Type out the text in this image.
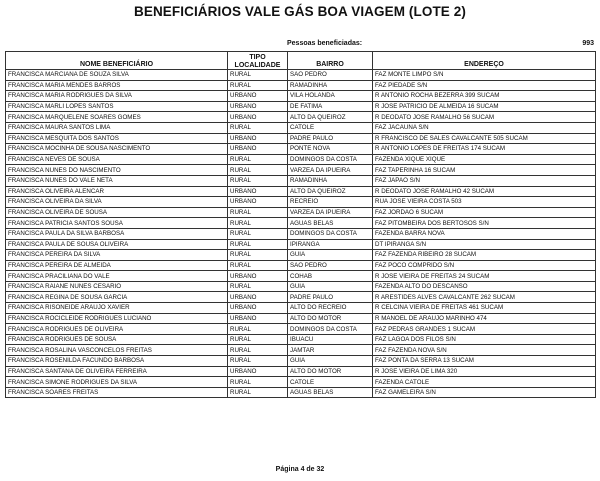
BENEFICIÁRIOS VALE GÁS BOA VIAGEM (LOTE 2)
Pessoas beneficiadas:	993
NOME BENEFICIÁRIO	TIPO LOCALIDADE	BAIRRO	ENDEREÇO
FRANCISCA MARCIANA DE SOUZA SILVA	RURAL	SAO PEDRO	FAZ MONTE LIMPO S/N
FRANCISCA MARIA MENDES BARROS	RURAL	RAMADINHA	FAZ PIEDADE S/N
FRANCISCA MARIA RODRIGUES DA SILVA	URBANO	VILA HOLANDA	R ANTONIO ROCHA BEZERRA 399 SUCAM
FRANCISCA MARLI LOPES SANTOS	URBANO	DE FATIMA	R JOSE PATRICIO DE ALMEIDA 16 SUCAM
FRANCISCA MARQUELENE SOARES GOMES	URBANO	ALTO DA QUEIROZ	R DEODATO JOSE RAMALHO 56 SUCAM
FRANCISCA MAURA SANTOS LIMA	RURAL	CATOLE	FAZ JACAUNA S/N
FRANCISCA MESQUITA DOS SANTOS	URBANO	PADRE PAULO	R FRANCISCO DE SALES CAVALCANTE 505 SUCAM
FRANCISCA MOCINHA DE SOUSA NASCIMENTO	URBANO	PONTE NOVA	R ANTONIO LOPES DE FREITAS 174 SUCAM
FRANCISCA NEVES DE SOUSA	RURAL	DOMINGOS DA COSTA	FAZENDA XIQUE XIQUE
FRANCISCA NUNES DO NASCIMENTO	RURAL	VARZEA DA IPUEIRA	FAZ TAPERINHA 16 SUCAM
FRANCISCA NUNES DO VALE NETA	RURAL	RAMADINHA	FAZ JAPAO S/N
FRANCISCA OLIVEIRA ALENCAR	URBANO	ALTO DA QUEIROZ	R DEODATO JOSE RAMALHO 42 SUCAM
FRANCISCA OLIVEIRA DA SILVA	URBANO	RECREIO	RUA JOSE VIEIRA COSTA 503
FRANCISCA OLIVEIRA DE SOUSA	RURAL	VARZEA DA IPUEIRA	FAZ JORDAO 6 SUCAM
FRANCISCA PATRICIA SANTOS SOUSA	RURAL	AGUAS BELAS	FAZ PITOMBEIRA DOS BERTOSOS S/N
FRANCISCA PAULA DA SILVA BARBOSA	RURAL	DOMINGOS DA COSTA	FAZENDA BARRA NOVA
FRANCISCA PAULA DE SOUSA OLIVEIRA	RURAL	IPIRANGA	DT IPIRANGA S/N
FRANCISCA PEREIRA DA SILVA	RURAL	GUIA	FAZ FAZENDA RIBEIRO 28 SUCAM
FRANCISCA PEREIRA DE ALMEIDA	RURAL	SAO PEDRO	FAZ POCO COMPRIDO S/N
FRANCISCA PRACILIANA DO VALE	URBANO	COHAB	R JOSE VIEIRA DE FREITAS 24 SUCAM
FRANCISCA RAIANE NUNES CESARIO	RURAL	GUIA	FAZENDA ALTO DO DESCANSO
FRANCISCA REGINA DE SOUSA GARCIA	URBANO	PADRE PAULO	R ARESTIDES ALVES CAVALCANTE 262 SUCAM
FRANCISCA RISONEIDE ARAUJO XAVIER	URBANO	ALTO DO RECREIO	R CELCINA VIEIRA DE FREITAS 461 SUCAM
FRANCISCA ROCICLEIDE RODRIGUES LUCIANO	URBANO	ALTO DO MOTOR	R MANOEL DE ARAUJO MARINHO 474
FRANCISCA RODRIGUES DE OLIVEIRA	RURAL	DOMINGOS DA COSTA	FAZ PEDRAS GRANDES 1 SUCAM
FRANCISCA RODRIGUES DE SOUSA	RURAL	IBUACU	FAZ LAGOA DOS FILOS S/N
FRANCISCA ROSALINA VASCONCELOS FREITAS	RURAL	JAMTAR	FAZ FAZENDA NOVA S/N
FRANCISCA ROSENILDA FACUNDO BARBOSA	RURAL	GUIA	FAZ PONTA DA SERRA 13 SUCAM
FRANCISCA SANTANA DE OLIVEIRA FERREIRA	URBANO	ALTO DO MOTOR	R JOSE VIEIRA DE LIMA 320
FRANCISCA SIMONE RODRIGUES DA SILVA	RURAL	CATOLE	FAZENDA CATOLE
FRANCISCA SOARES FREITAS	RURAL	AGUAS BELAS	FAZ GAMELEIRA S/N
Página 4 de 32
